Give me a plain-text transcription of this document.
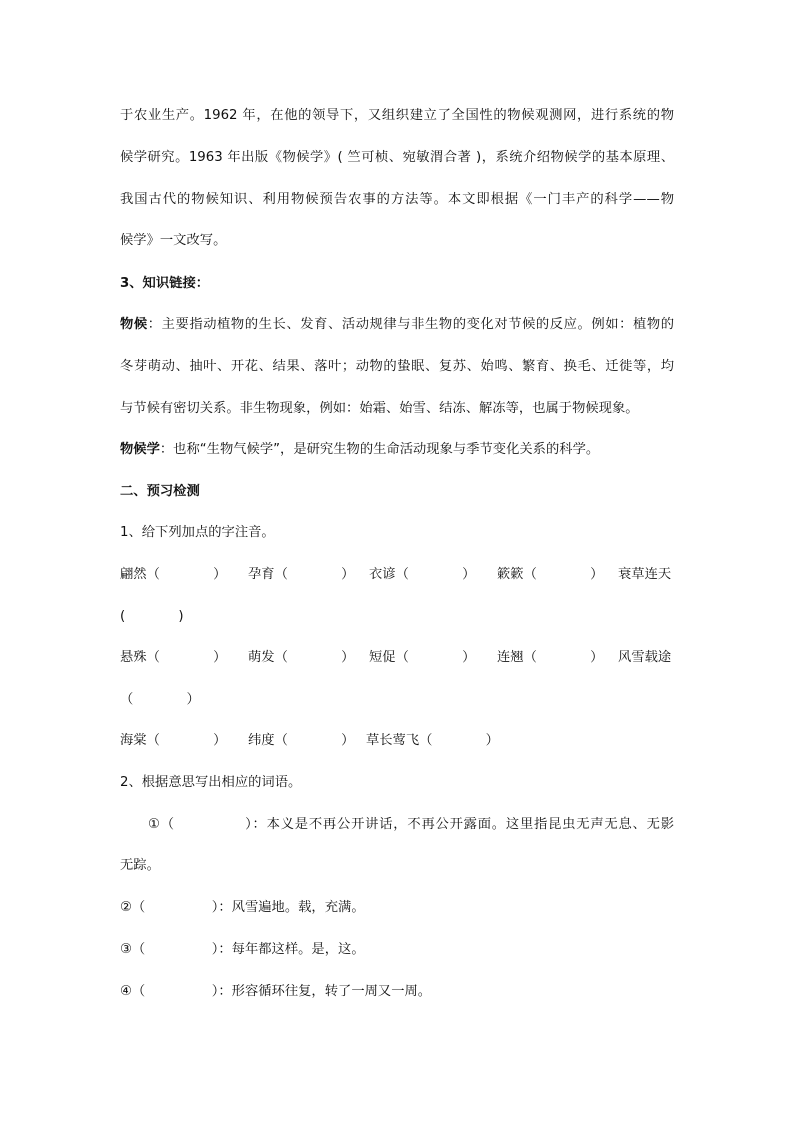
于农业生产。1962 年，在他的领导下，又组织建立了全国性的物候观测网，进行系统的物
候学研究。1963 年出版《物候学》( 竺可桢、宛敏渭合著 )，系统介绍物候学的基本原理、
我国古代的物候知识、利用物候预告农事的方法等。本文即根据《一门丰产的科学——物
候学》一文改写。
3、知识链接：
物候：主要指动植物的生长、发育、活动规律与非生物的变化对节候的反应。例如：植物的
冬芽萌动、抽叶、开花、结果、落叶；动物的蛰眠、复苏、始鸣、繁育、换毛、迁徙等，均
与节候有密切关系。非生物现象，例如：始霜、始雪、结冻、解冻等，也属于物候现象。
物候学：也称“生物气候学”，是研究生物的生命活动现象与季节变化关系的科学。
二、预习检测
1、给下列加点的字注音。
翩然（　　　　） 孕育（　　　　） 衣谚（　　　　） 簌簌（　　　　） 衰草连天
(　　　　)
悬殊（　　　　） 萌发（　　　　） 短促（　　　　） 连翘（　　　　） 风雪载途
（　　　　）
海棠（　　　　） 纬度（　　　　） 草长莺飞（　　　　）
2、根据意思写出相应的词语。
①（　　　　　）：本义是不再公开讲话，不再公开露面。这里指昆虫无声无息、无影
无踪。
②（　　　　　）：风雪遍地。载，充满。
③（　　　　　）：每年都这样。是，这。
④（　　　　　）：形容循环往复，转了一周又一周。
